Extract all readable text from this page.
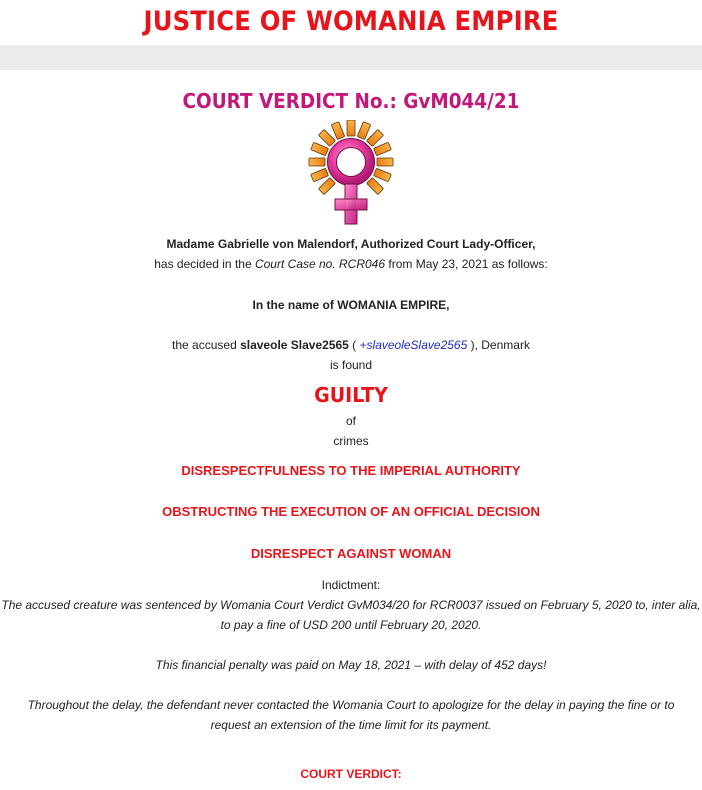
JUSTICE OF WOMANIA EMPIRE
COURT VERDICT No.: GvM044/21
Madame Gabrielle von Malendorf, Authorized Court Lady-Officer,
has decided in the Court Case no. RCR046 from May 23, 2021 as follows:
In the name of WOMANIA EMPIRE,
the accused slaveole Slave2565 ( +slaveoleSlave2565 ), Denmark
is found
GUILTY
of
crimes
DISRESPECTFULNESS TO THE IMPERIAL AUTHORITY
OBSTRUCTING THE EXECUTION OF AN OFFICIAL DECISION
DISRESPECT AGAINST WOMAN
Indictment:
The accused creature was sentenced by Womania Court Verdict GvM034/20 for RCR0037 issued on February 5, 2020 to, inter alia,
to pay a fine of USD 200 until February 20, 2020.
This financial penalty was paid on May 18, 2021 – with delay of 452 days!
Throughout the delay, the defendant never contacted the Womania Court to apologize for the delay in paying the fine or to
request an extension of the time limit for its payment.
COURT VERDICT:
